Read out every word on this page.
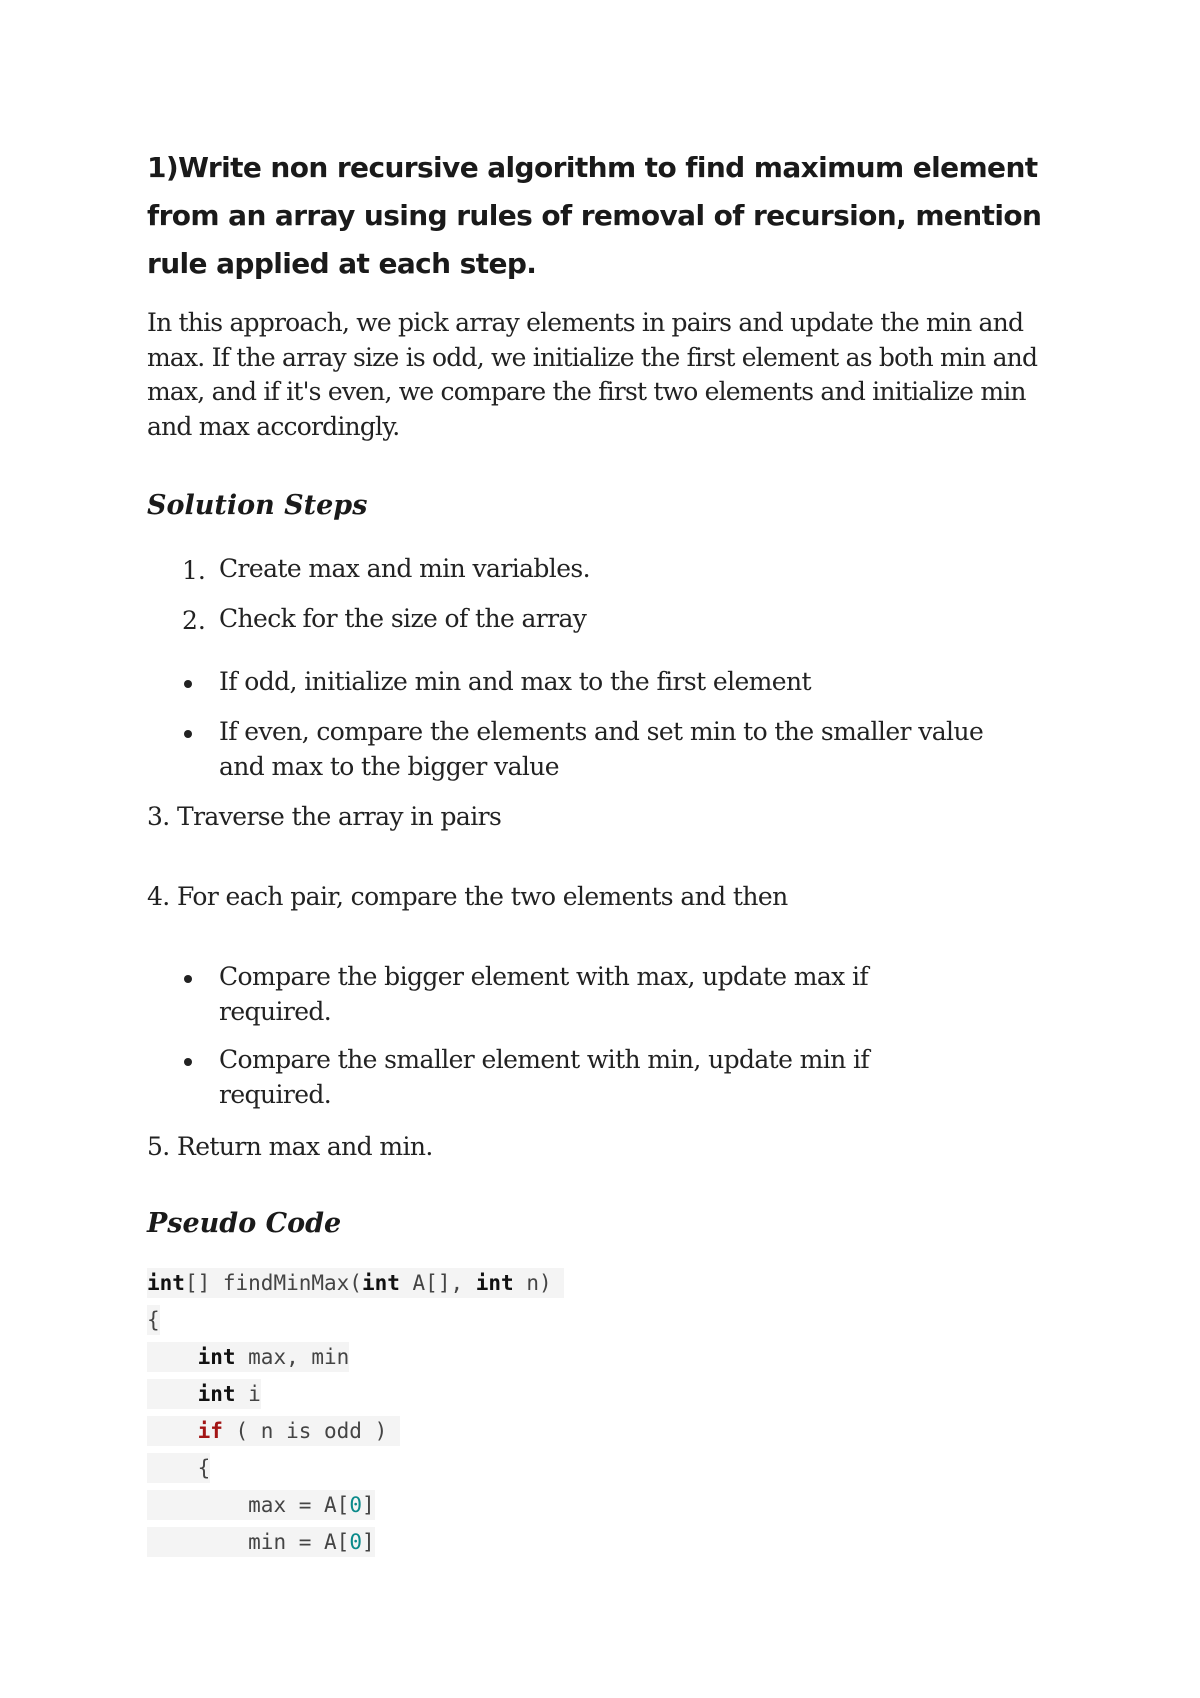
1)Write non recursive algorithm to find maximum element from an array using rules of removal of recursion, mention rule applied at each step.
In this approach, we pick array elements in pairs and update the min and max. If the array size is odd, we initialize the first element as both min and max, and if it's even, we compare the first two elements and initialize min and max accordingly.
Solution Steps
1. Create max and min variables.
2. Check for the size of the array
If odd, initialize min and max to the first element
If even, compare the elements and set min to the smaller value and max to the bigger value
3. Traverse the array in pairs
4. For each pair, compare the two elements and then
Compare the bigger element with max, update max if required.
Compare the smaller element with min, update min if required.
5. Return max and min.
Pseudo Code
int[] findMinMax(int A[], int n)
{
int max, min
int i
if ( n is odd )
{
max = A[0]
min = A[0]
